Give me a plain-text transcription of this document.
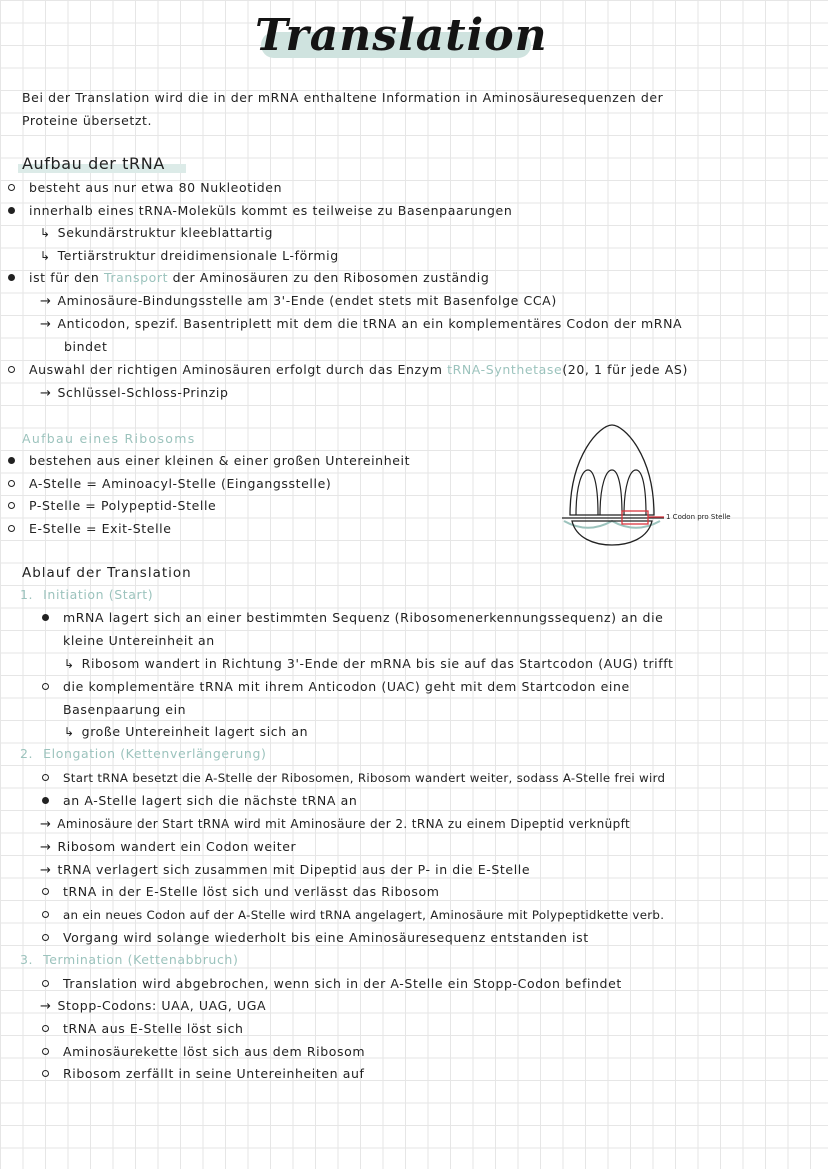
Translation
Bei der Translation wird die in der mRNA enthaltene Information in Aminosäuresequenzen der
Proteine übersetzt.
Aufbau der tRNA
besteht aus nur etwa 80 Nukleotiden
innerhalb eines tRNA-Moleküls kommt es teilweise zu Basenpaarungen
↳ Sekundärstruktur kleeblattartig
↳ Tertiärstruktur dreidimensionale L-förmig
ist für den Transport der Aminosäuren zu den Ribosomen zuständig
→ Aminosäure-Bindungsstelle am 3'-Ende (endet stets mit Basenfolge CCA)
→ Anticodon, spezif. Basentriplett mit dem die tRNA an ein komplementäres Codon der mRNA
bindet
Auswahl der richtigen Aminosäuren erfolgt durch das Enzym tRNA-Synthetase(20, 1 für jede AS)
→ Schlüssel-Schloss-Prinzip
Aufbau eines Ribosoms
bestehen aus einer kleinen & einer großen Untereinheit
A-Stelle = Aminoacyl-Stelle (Eingangsstelle)
P-Stelle = Polypeptid-Stelle
E-Stelle = Exit-Stelle
1 Codon pro Stelle
Ablauf der Translation
1. Initiation (Start)
mRNA lagert sich an einer bestimmten Sequenz (Ribosomenerkennungssequenz) an die
kleine Untereinheit an
↳ Ribosom wandert in Richtung 3'-Ende der mRNA bis sie auf das Startcodon (AUG) trifft
die komplementäre tRNA mit ihrem Anticodon (UAC) geht mit dem Startcodon eine
Basenpaarung ein
↳ große Untereinheit lagert sich an
2. Elongation (Kettenverlängerung)
Start tRNA besetzt die A-Stelle der Ribosomen, Ribosom wandert weiter, sodass A-Stelle frei wird
an A-Stelle lagert sich die nächste tRNA an
→ Aminosäure der Start tRNA wird mit Aminosäure der 2. tRNA zu einem Dipeptid verknüpft
→ Ribosom wandert ein Codon weiter
→ tRNA verlagert sich zusammen mit Dipeptid aus der P- in die E-Stelle
tRNA in der E-Stelle löst sich und verlässt das Ribosom
an ein neues Codon auf der A-Stelle wird tRNA angelagert, Aminosäure mit Polypeptidkette verb.
Vorgang wird solange wiederholt bis eine Aminosäuresequenz entstanden ist
3. Termination (Kettenabbruch)
Translation wird abgebrochen, wenn sich in der A-Stelle ein Stopp-Codon befindet
→ Stopp-Codons: UAA, UAG, UGA
tRNA aus E-Stelle löst sich
Aminosäurekette löst sich aus dem Ribosom
Ribosom zerfällt in seine Untereinheiten auf
